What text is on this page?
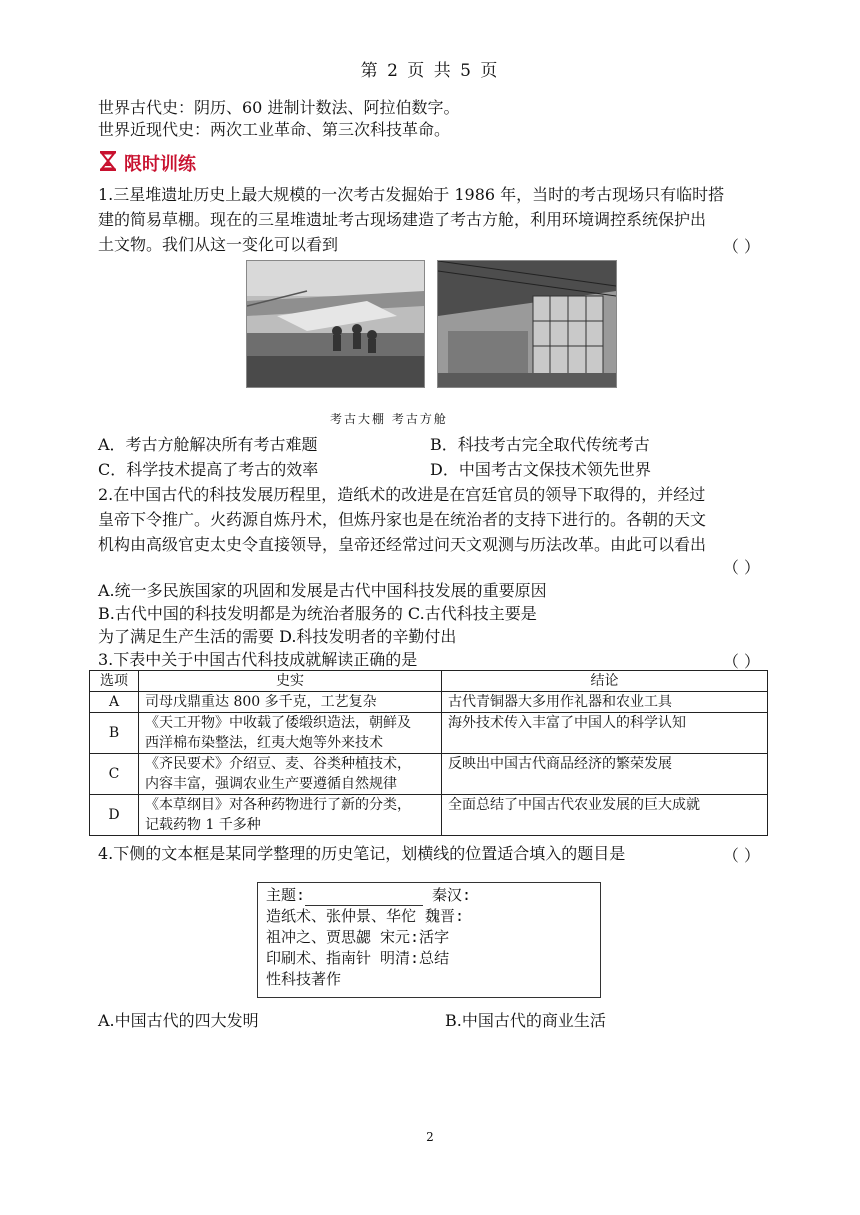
第 2 页 共 5 页
世界古代史：阴历、60 进制计数法、阿拉伯数字。
世界近现代史：两次工业革命、第三次科技革命。
限时训练
1.三星堆遗址历史上最大规模的一次考古发掘始于 1986 年，当时的考古现场只有临时搭
建的简易草棚。现在的三星堆遗址考古现场建造了考古方舱，利用环境调控系统保护出
土文物。我们从这一变化可以看到	（ ）
考古大棚 考古方舱
A．考古方舱解决所有考古难题	B．科技考古完全取代传统考古
C．科学技术提高了考古的效率	D．中国考古文保技术领先世界
2.在中国古代的科技发展历程里，造纸术的改进是在宫廷官员的领导下取得的，并经过
皇帝下令推广。火药源自炼丹术，但炼丹家也是在统治者的支持下进行的。各朝的天文
机构由高级官吏太史令直接领导，皇帝还经常过问天文观测与历法改革。由此可以看出
（ ）
A.统一多民族国家的巩固和发展是古代中国科技发展的重要原因
B.古代中国的科技发明都是为统治者服务的 C.古代科技主要是
为了满足生产生活的需要 D.科技发明者的辛勤付出
3.下表中关于中国古代科技成就解读正确的是	（ ）
选项	史实	结论
A	司母戊鼎重达 800 多千克，工艺复杂	古代青铜器大多用作礼器和农业工具
B	《天工开物》中收载了倭缎织造法，朝鲜及
西洋棉布染整法，红夷大炮等外来技术	海外技术传入丰富了中国人的科学认知
C	《齐民要术》介绍豆、麦、谷类种植技术，
内容丰富，强调农业生产要遵循自然规律	反映出中国古代商品经济的繁荣发展
D	《本草纲目》对各种药物进行了新的分类，
记载药物 1 千多种	全面总结了中国古代农业发展的巨大成就
4.下侧的文本框是某同学整理的历史笔记，划横线的位置适合填入的题目是	（ ）
主题:	秦汉:
造纸术、张仲景、华佗 魏晋:
祖冲之、贾思勰 宋元:活字
印刷术、指南针 明清:总结
性科技著作
A.中国古代的四大发明	B.中国古代的商业生活
2
